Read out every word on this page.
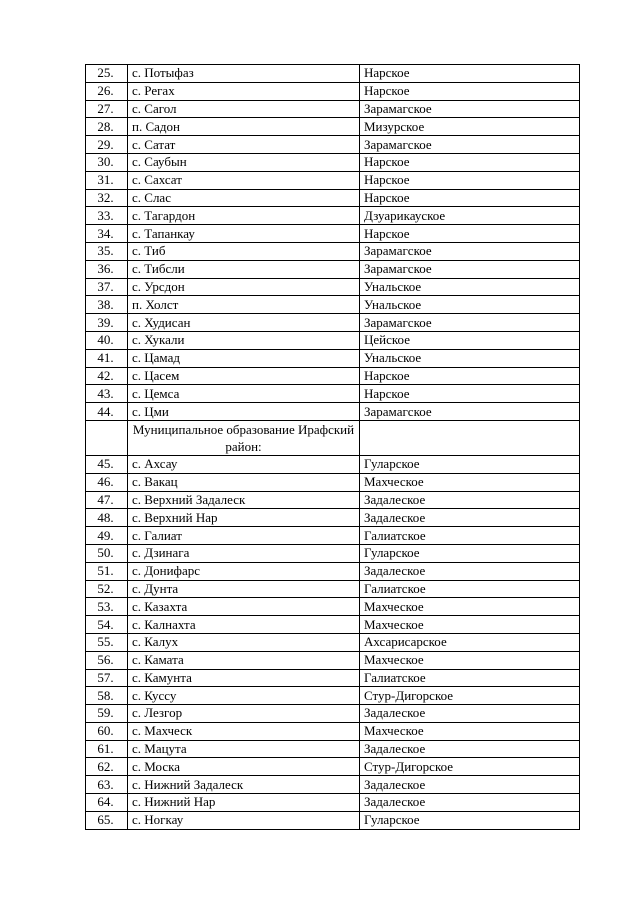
25.	с. Потыфаз	Нарское
26.	с. Регах	Нарское
27.	с. Сагол	Зарамагское
28.	п. Садон	Мизурское
29.	с. Сатат	Зарамагское
30.	с. Саубын	Нарское
31.	с. Сахсат	Нарское
32.	с. Слас	Нарское
33.	с. Тагардон	Дзуарикауское
34.	с. Тапанкау	Нарское
35.	с. Тиб	Зарамагское
36.	с. Тибсли	Зарамагское
37.	с. Урсдон	Унальское
38.	п. Холст	Унальское
39.	с. Худисан	Зарамагское
40.	с. Хукали	Цейское
41.	с. Цамад	Унальское
42.	с. Цасем	Нарское
43.	с. Цемса	Нарское
44.	с. Цми	Зарамагское
	Муниципальное образование Ирафский район:	
45.	с. Ахсау	Гуларское
46.	с. Вакац	Махческое
47.	с. Верхний Задалеск	Задалеское
48.	с. Верхний Нар	Задалеское
49.	с. Галиат	Галиатское
50.	с. Дзинага	Гуларское
51.	с. Донифарс	Задалеское
52.	с. Дунта	Галиатское
53.	с. Казахта	Махческое
54.	с. Калнахта	Махческое
55.	с. Калух	Ахсарисарское
56.	с. Камата	Махческое
57.	с. Камунта	Галиатское
58.	с. Куссу	Стур-Дигорское
59.	с. Лезгор	Задалеское
60.	с. Махческ	Махческое
61.	с. Мацута	Задалеское
62.	с. Моска	Стур-Дигорское
63.	с. Нижний Задалеск	Задалеское
64.	с. Нижний Нар	Задалеское
65.	с. Ногкау	Гуларское
